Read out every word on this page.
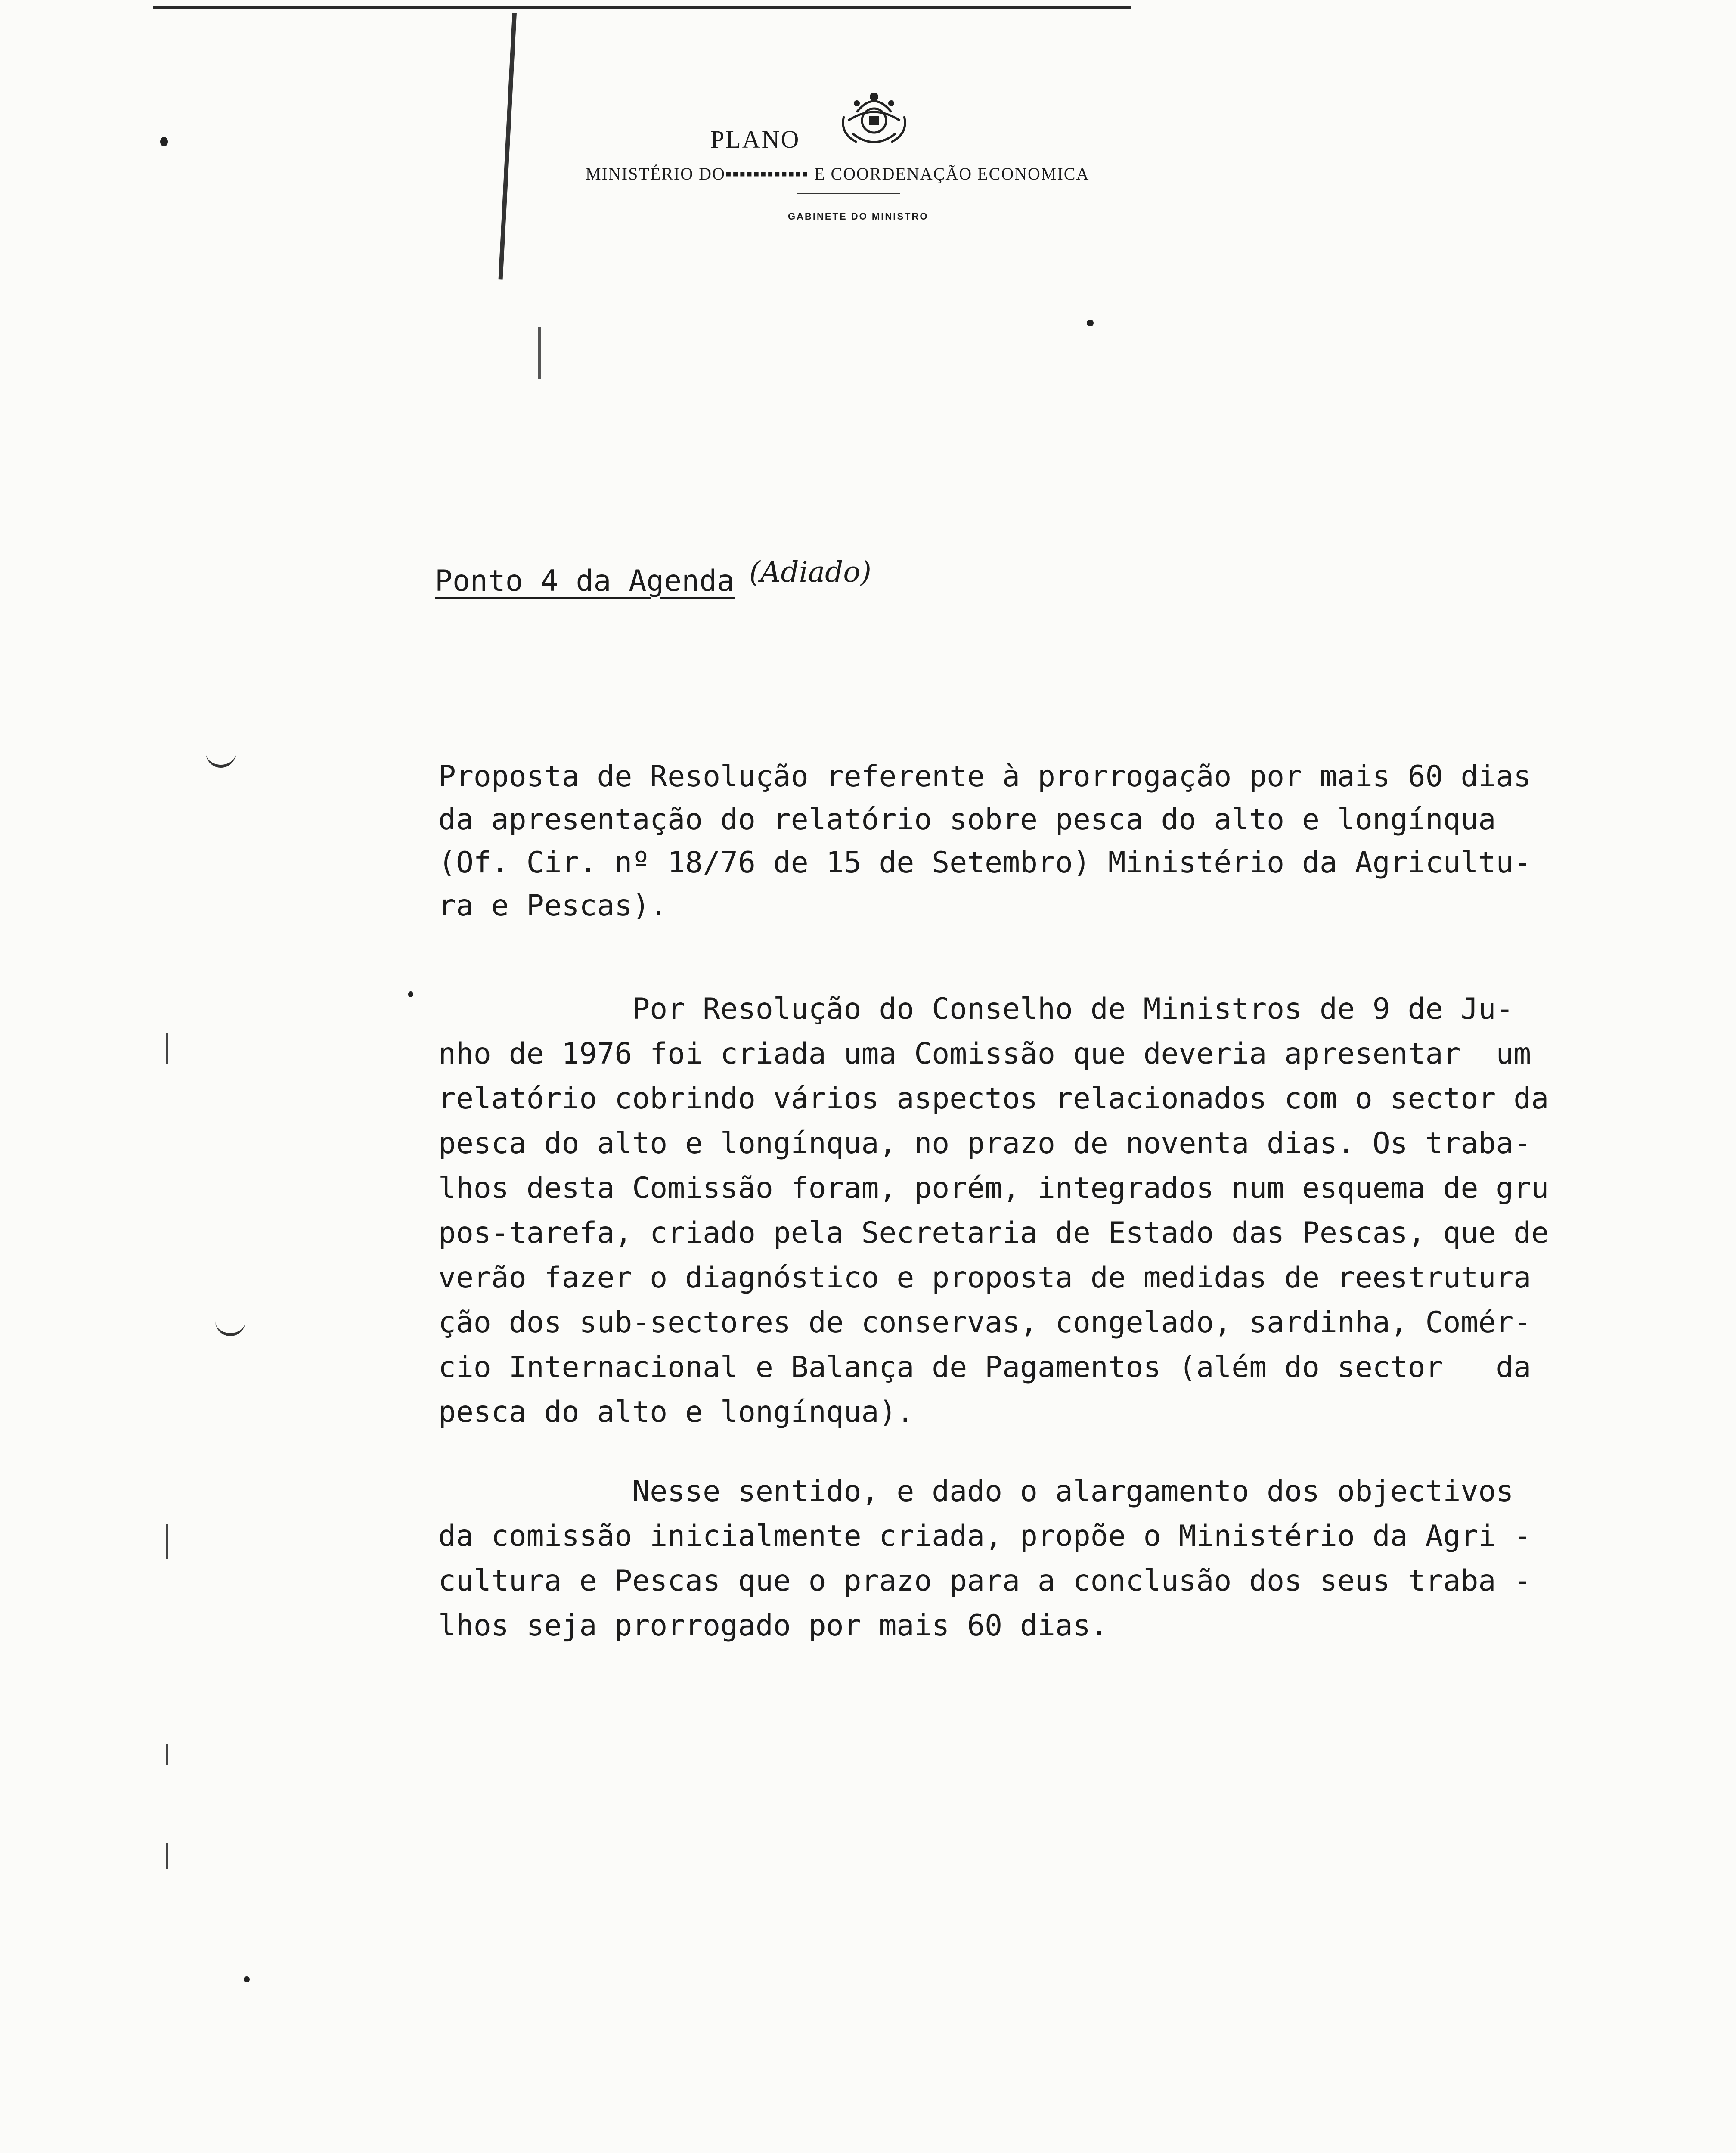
PLANO
MINISTÉRIO DO▪▪▪▪▪▪▪▪▪▪▪▪ E COORDENAÇÃO ECONOMICA
GABINETE DO MINISTRO
Ponto 4 da Agenda (Adiado)
Proposta de Resolução referente à prorrogação por mais 60 dias
da apresentação do relatório sobre pesca do alto e longínqua
(Of. Cir. nº 18/76 de 15 de Setembro) Ministério da Agricultu-
ra e Pescas).
Por Resolução do Conselho de Ministros de 9 de Ju-
nho de 1976 foi criada uma Comissão que deveria apresentar  um
relatório cobrindo vários aspectos relacionados com o sector da
pesca do alto e longínqua, no prazo de noventa dias. Os traba-
lhos desta Comissão foram, porém, integrados num esquema de gru
pos-tarefa, criado pela Secretaria de Estado das Pescas, que de
verão fazer o diagnóstico e proposta de medidas de reestrutura
ção dos sub-sectores de conservas, congelado, sardinha, Comér-
cio Internacional e Balança de Pagamentos (além do sector   da
pesca do alto e longínqua).
Nesse sentido, e dado o alargamento dos objectivos
da comissão inicialmente criada, propõe o Ministério da Agri -
cultura e Pescas que o prazo para a conclusão dos seus traba -
lhos seja prorrogado por mais 60 dias.
